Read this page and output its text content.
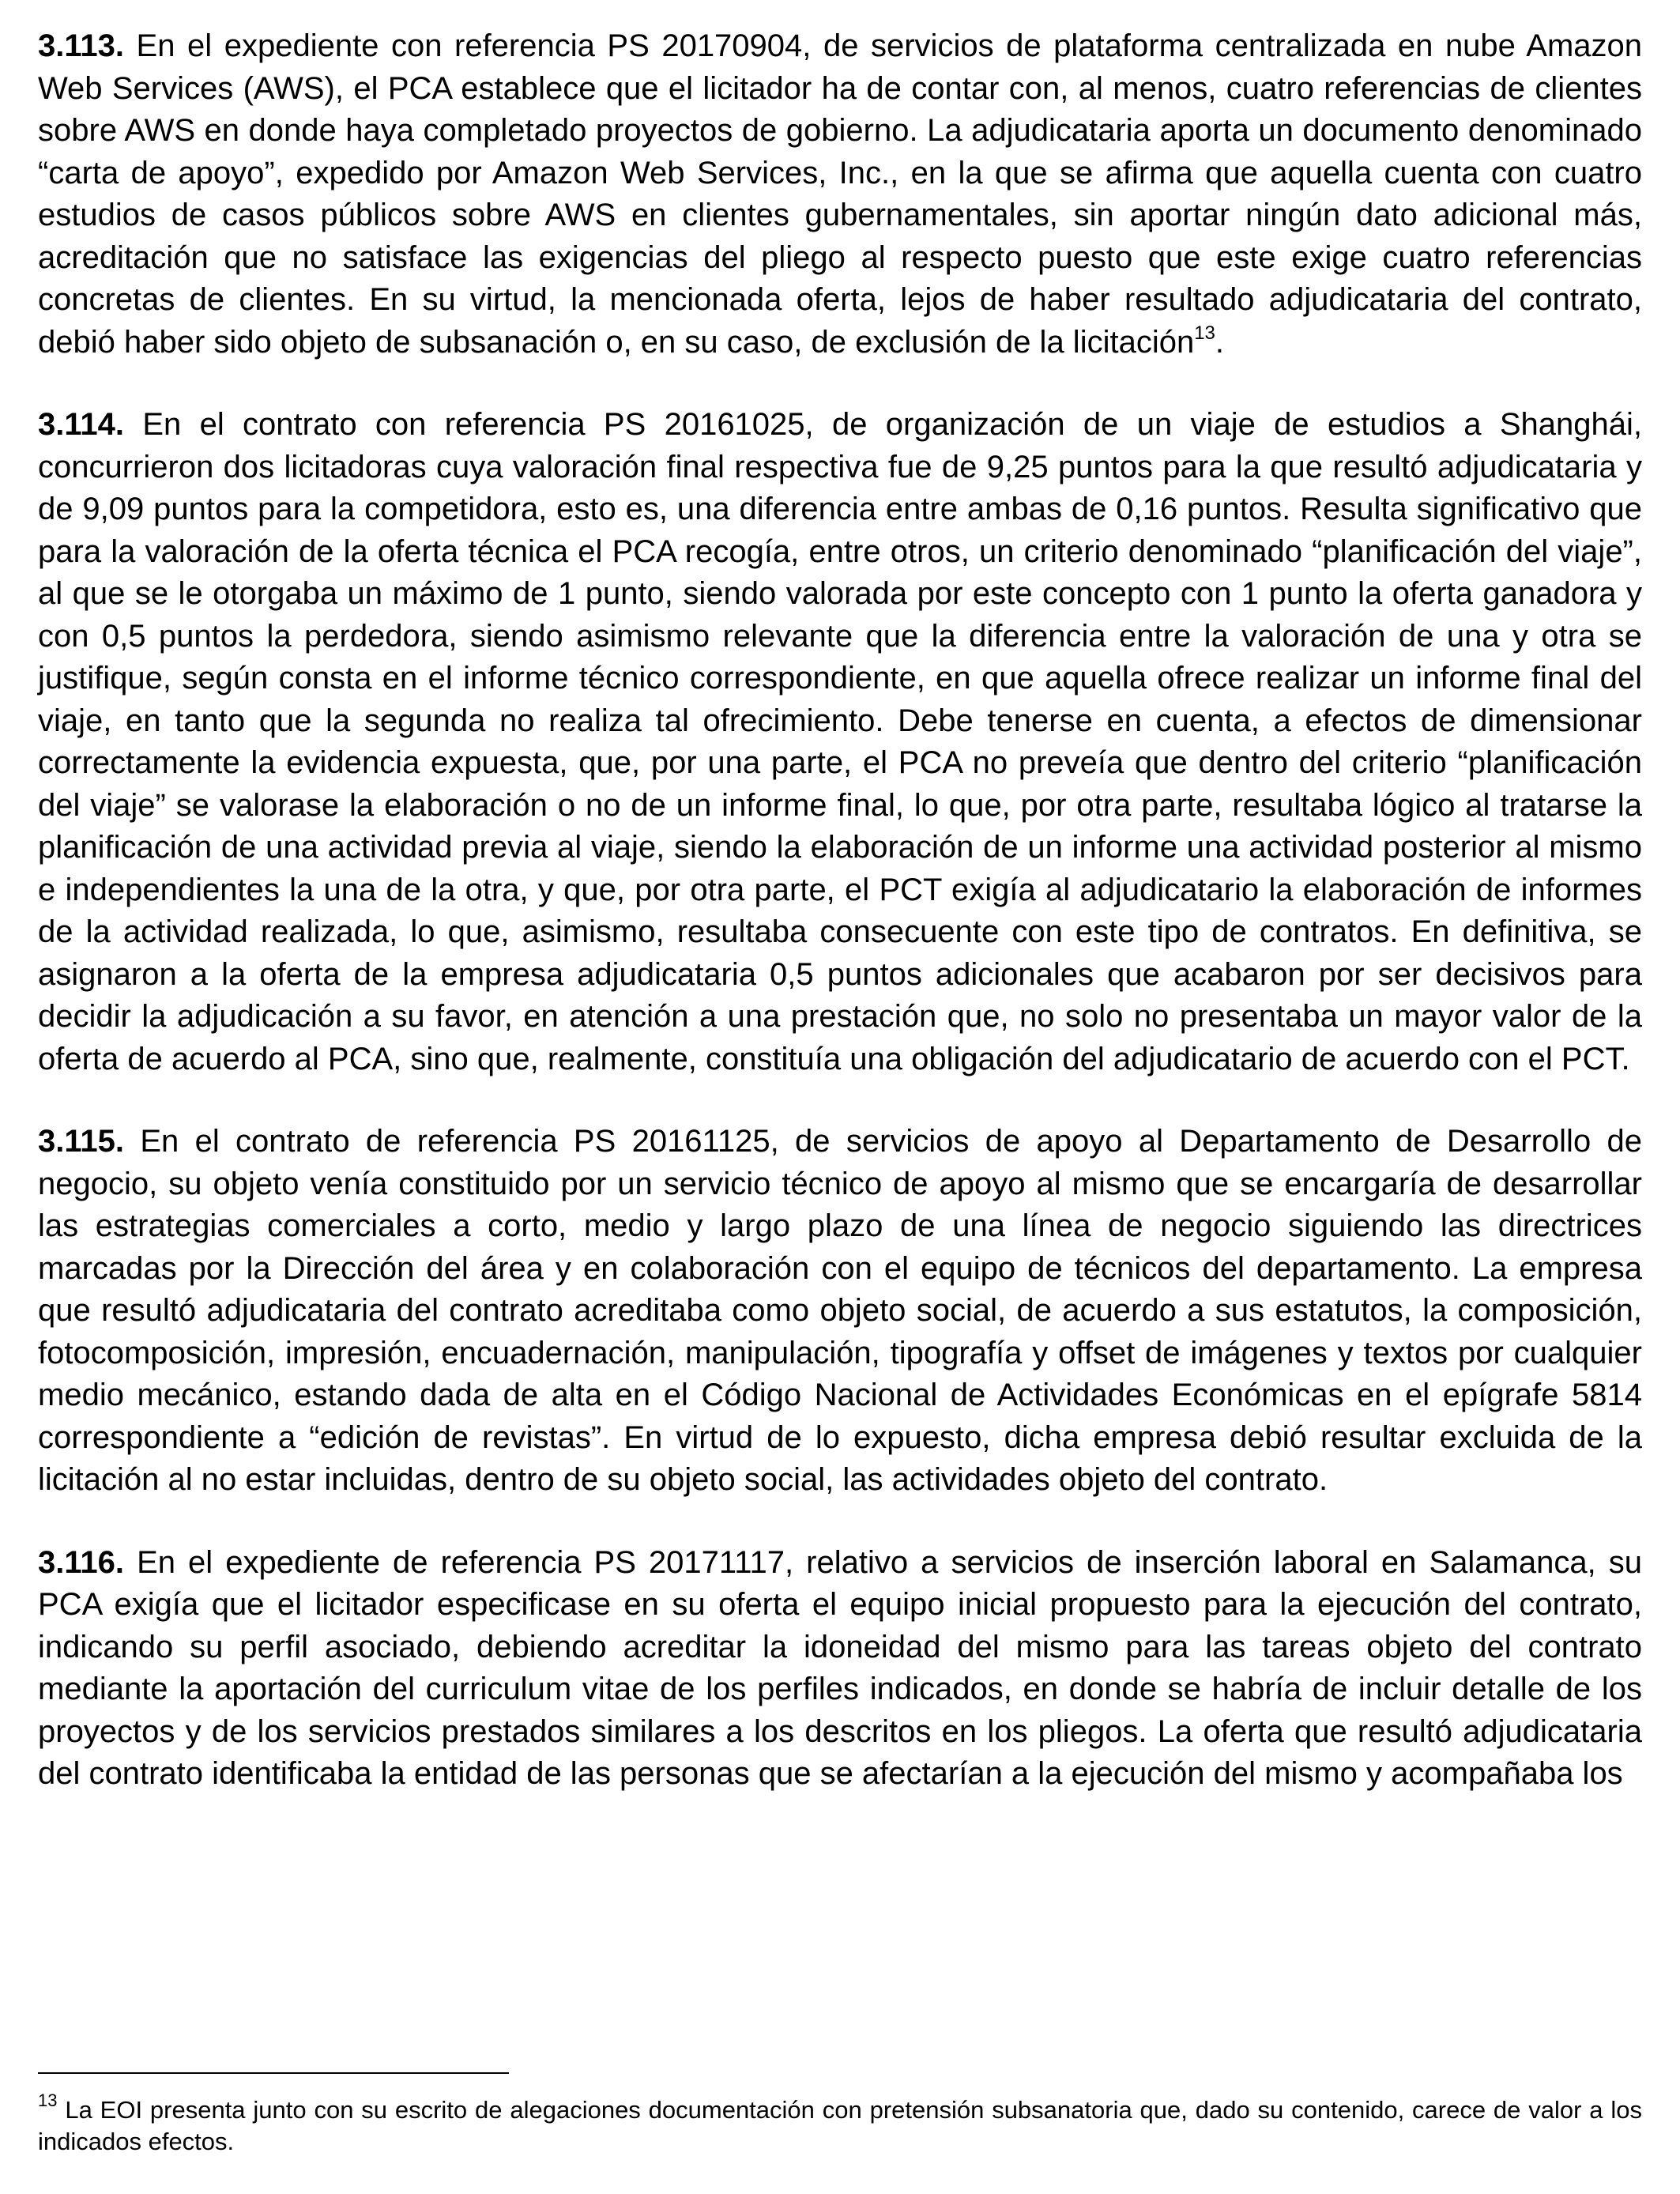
3.113. En el expediente con referencia PS 20170904, de servicios de plataforma centralizada en nube Amazon Web Services (AWS), el PCA establece que el licitador ha de contar con, al menos, cuatro referencias de clientes sobre AWS en donde haya completado proyectos de gobierno. La adjudicataria aporta un documento denominado “carta de apoyo”, expedido por Amazon Web Services, Inc., en la que se afirma que aquella cuenta con cuatro estudios de casos públicos sobre AWS en clientes gubernamentales, sin aportar ningún dato adicional más, acreditación que no satisface las exigencias del pliego al respecto puesto que este exige cuatro referencias concretas de clientes. En su virtud, la mencionada oferta, lejos de haber resultado adjudicataria del contrato, debió haber sido objeto de subsanación o, en su caso, de exclusión de la licitación$^{13}$.

3.114. En el contrato con referencia PS 20161025, de organización de un viaje de estudios a Shanghái, concurrieron dos licitadoras cuya valoración final respectiva fue de 9,25 puntos para la que resultó adjudicataria y de 9,09 puntos para la competidora, esto es, una diferencia entre ambas de 0,16 puntos. Resulta significativo que para la valoración de la oferta técnica el PCA recogía, entre otros, un criterio denominado “planificación del viaje”, al que se le otorgaba un máximo de 1 punto, siendo valorada por este concepto con 1 punto la oferta ganadora y con 0,5 puntos la perdedora, siendo asimismo relevante que la diferencia entre la valoración de una y otra se justifique, según consta en el informe técnico correspondiente, en que aquella ofrece realizar un informe final del viaje, en tanto que la segunda no realiza tal ofrecimiento. Debe tenerse en cuenta, a efectos de dimensionar correctamente la evidencia expuesta, que, por una parte, el PCA no preveía que dentro del criterio “planificación del viaje” se valorase la elaboración o no de un informe final, lo que, por otra parte, resultaba lógico al tratarse la planificación de una actividad previa al viaje, siendo la elaboración de un informe una actividad posterior al mismo e independientes la una de la otra, y que, por otra parte, el PCT exigía al adjudicatario la elaboración de informes de la actividad realizada, lo que, asimismo, resultaba consecuente con este tipo de contratos. En definitiva, se asignaron a la oferta de la empresa adjudicataria 0,5 puntos adicionales que acabaron por ser decisivos para decidir la adjudicación a su favor, en atención a una prestación que, no solo no presentaba un mayor valor de la oferta de acuerdo al PCA, sino que, realmente, constituía una obligación del adjudicatario de acuerdo con el PCT.

3.115. En el contrato de referencia PS 20161125, de servicios de apoyo al Departamento de Desarrollo de negocio, su objeto venía constituido por un servicio técnico de apoyo al mismo que se encargaría de desarrollar las estrategias comerciales a corto, medio y largo plazo de una línea de negocio siguiendo las directrices marcadas por la Dirección del área y en colaboración con el equipo de técnicos del departamento. La empresa que resultó adjudicataria del contrato acreditaba como objeto social, de acuerdo a sus estatutos, la composición, fotocomposición, impresión, encuadernación, manipulación, tipografía y offset de imágenes y textos por cualquier medio mecánico, estando dada de alta en el Código Nacional de Actividades Económicas en el epígrafe 5814 correspondiente a “edición de revistas”. En virtud de lo expuesto, dicha empresa debió resultar excluida de la licitación al no estar incluidas, dentro de su objeto social, las actividades objeto del contrato.

3.116. En el expediente de referencia PS 20171117, relativo a servicios de inserción laboral en Salamanca, su PCA exigía que el licitador especificase en su oferta el equipo inicial propuesto para la ejecución del contrato, indicando su perfil asociado, debiendo acreditar la idoneidad del mismo para las tareas objeto del contrato mediante la aportación del curriculum vitae de los perfiles indicados, en donde se habría de incluir detalle de los proyectos y de los servicios prestados similares a los descritos en los pliegos. La oferta que resultó adjudicataria del contrato identificaba la entidad de las personas que se afectarían a la ejecución del mismo y acompañaba los

$^{13}$ La EOI presenta junto con su escrito de alegaciones documentación con pretensión subsanatoria que, dado su contenido, carece de valor a los indicados efectos.
